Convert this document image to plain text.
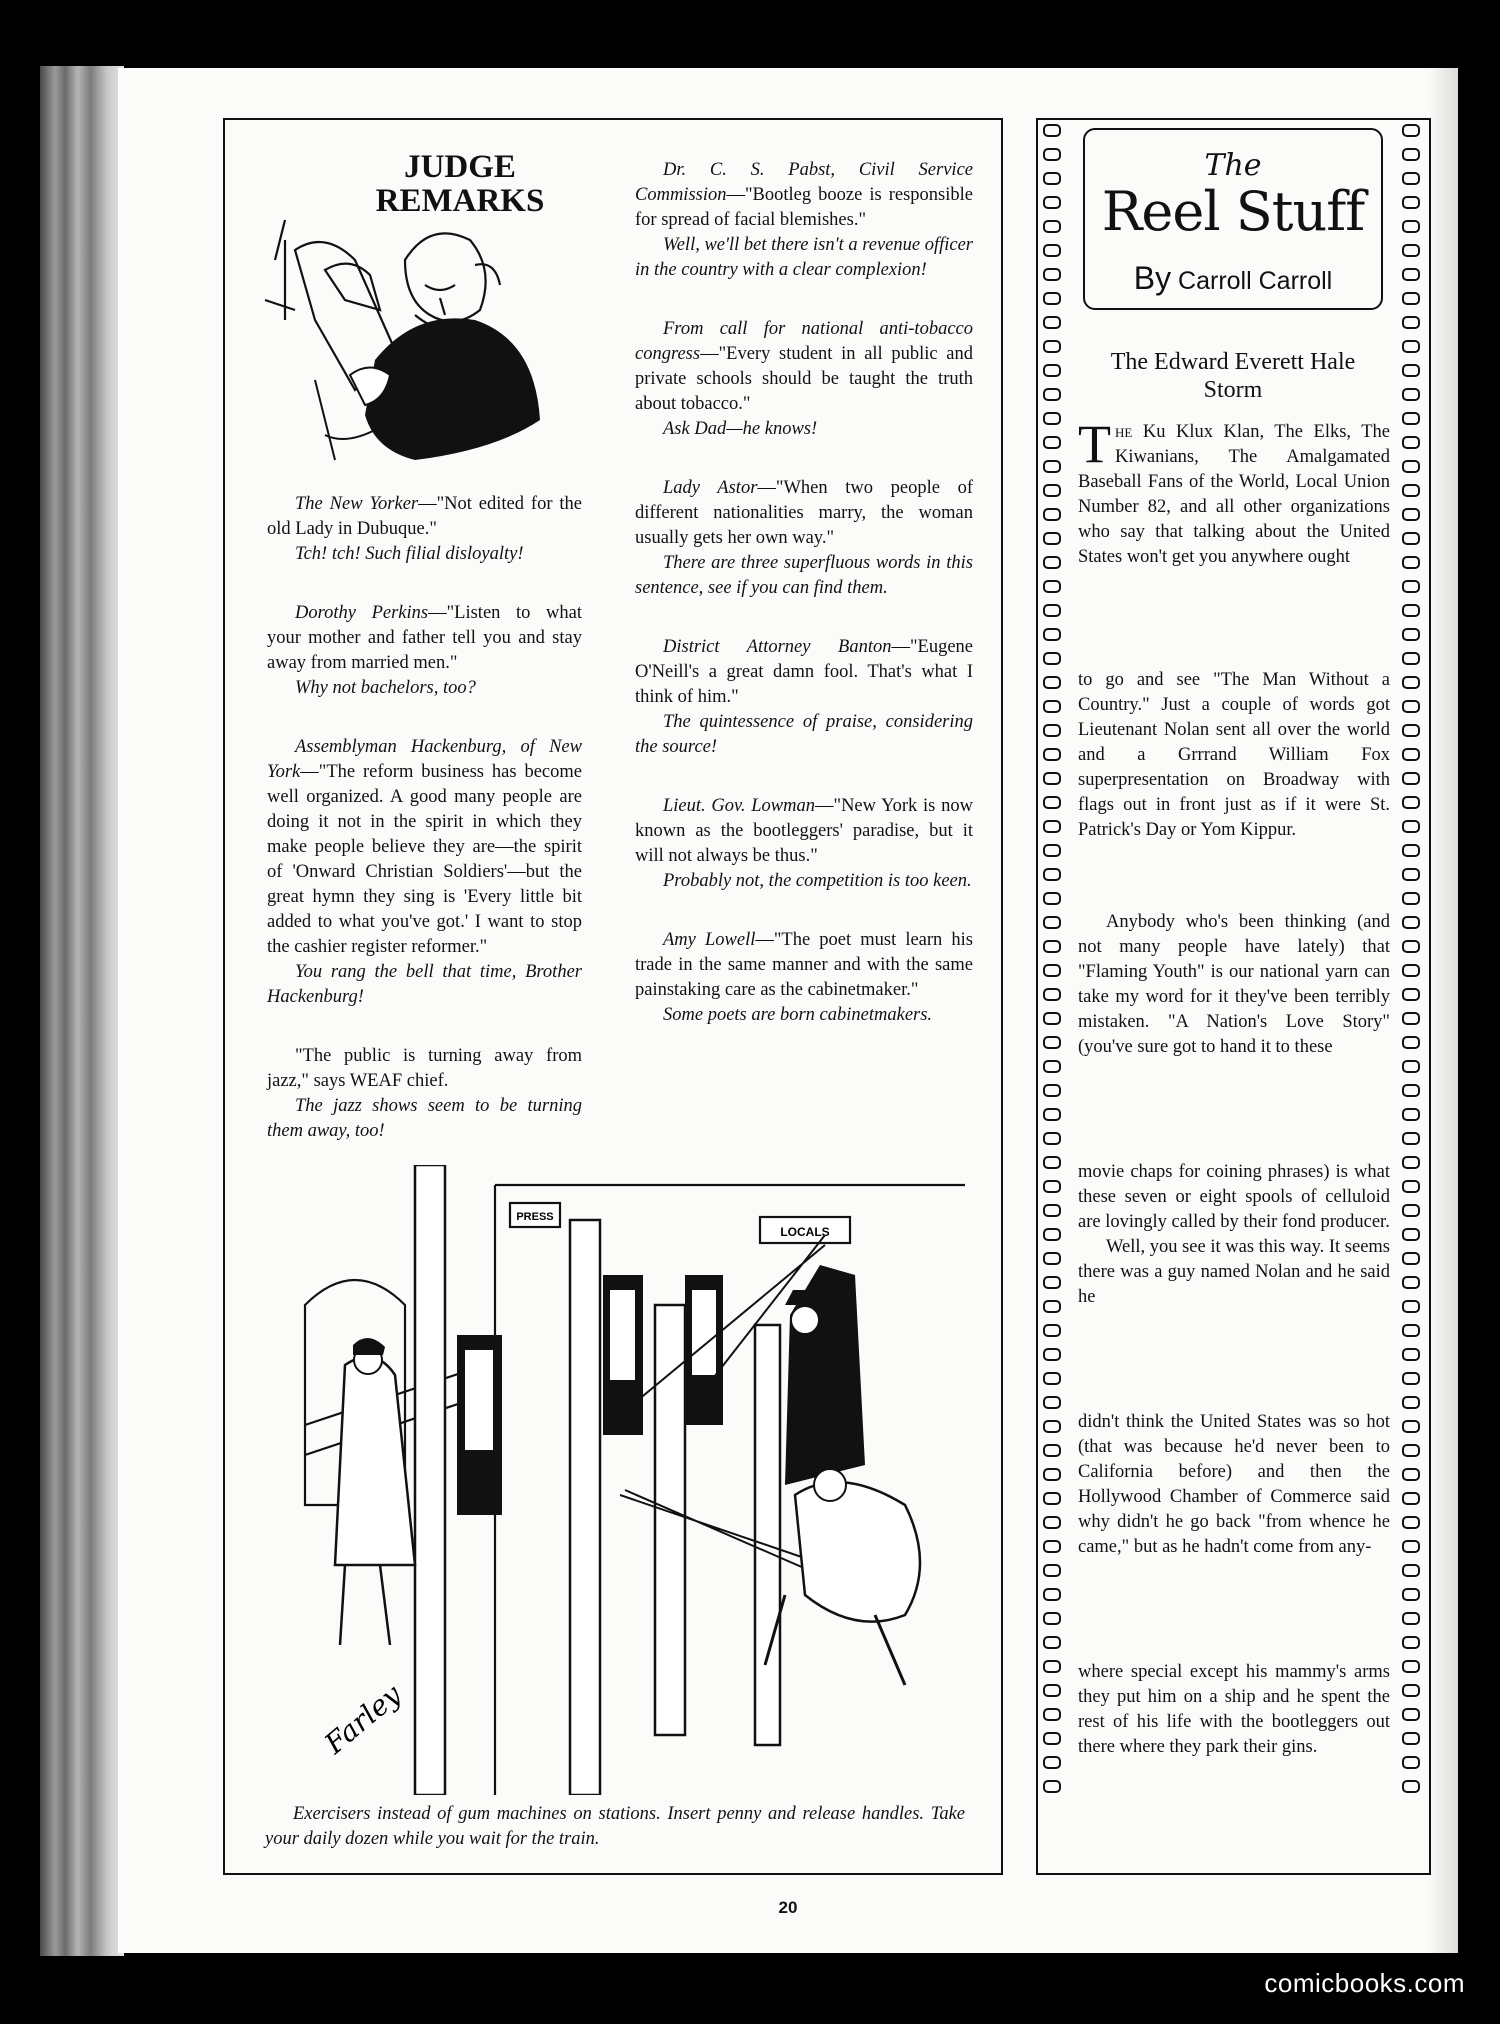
JUDGE REMARKS

The New Yorker—"Not edited for the old Lady in Dubuque."

Tch! tch! Such filial disloyalty!

Dorothy Perkins—"Listen to what your mother and father tell you and stay away from married men."

Why not bachelors, too?

Assemblyman Hackenburg, of New York—"The reform business has become well organized. A good many people are doing it not in the spirit in which they make people believe they are—the spirit of 'Onward Christian Soldiers'—but the great hymn they sing is 'Every little bit added to what you've got.' I want to stop the cashier register reformer."

You rang the bell that time, Brother Hackenburg!

"The public is turning away from jazz," says WEAF chief.

The jazz shows seem to be turning them away, too!

Dr. C. S. Pabst, Civil Service Commission—"Bootleg booze is responsible for spread of facial blemishes."

Well, we'll bet there isn't a revenue officer in the country with a clear complexion!

From call for national anti-tobacco congress—"Every student in all public and private schools should be taught the truth about tobacco."

Ask Dad—he knows!

Lady Astor—"When two people of different nationalities marry, the woman usually gets her own way."

There are three superfluous words in this sentence, see if you can find them.

District Attorney Banton—"Eugene O'Neill's a great damn fool. That's what I think of him."

The quintessence of praise, considering the source!

Lieut. Gov. Lowman—"New York is now known as the bootleggers' paradise, but it will not always be thus."

Probably not, the competition is too keen.

Amy Lowell—"The poet must learn his trade in the same manner and with the same painstaking care as the cabinetmaker."

Some poets are born cabinetmakers.

PRESS
LOCALS
Farley
Exercisers instead of gum machines on stations. Insert penny and release handles. Take your daily dozen while you wait for the train.
The
Reel Stuff
By Carroll Carroll
The Edward Everett Hale Storm

The Ku Klux Klan, The Elks, The Kiwanians, The Amalgamated Baseball Fans of the World, Local Union Number 82, and all other organizations who say that talking about the United States won't get you anywhere ought

to go and see "The Man Without a Country." Just a couple of words got Lieutenant Nolan sent all over the world and a Grrrand William Fox superpresentation on Broadway with flags out in front just as if it were St. Patrick's Day or Yom Kippur.

Anybody who's been thinking (and not many people have lately) that "Flaming Youth" is our national yarn can take my word for it they've been terribly mistaken. "A Nation's Love Story" (you've sure got to hand it to these

movie chaps for coining phrases) is what these seven or eight spools of celluloid are lovingly called by their fond producer.

Well, you see it was this way. It seems there was a guy named Nolan and he said he

didn't think the United States was so hot (that was because he'd never been to California before) and then the Hollywood Chamber of Commerce said why didn't he go back "from whence he came," but as he hadn't come from any-

where special except his mammy's arms they put him on a ship and he spent the rest of his life with the bootleggers out there where they park their gins.

20
comicbooks.com
